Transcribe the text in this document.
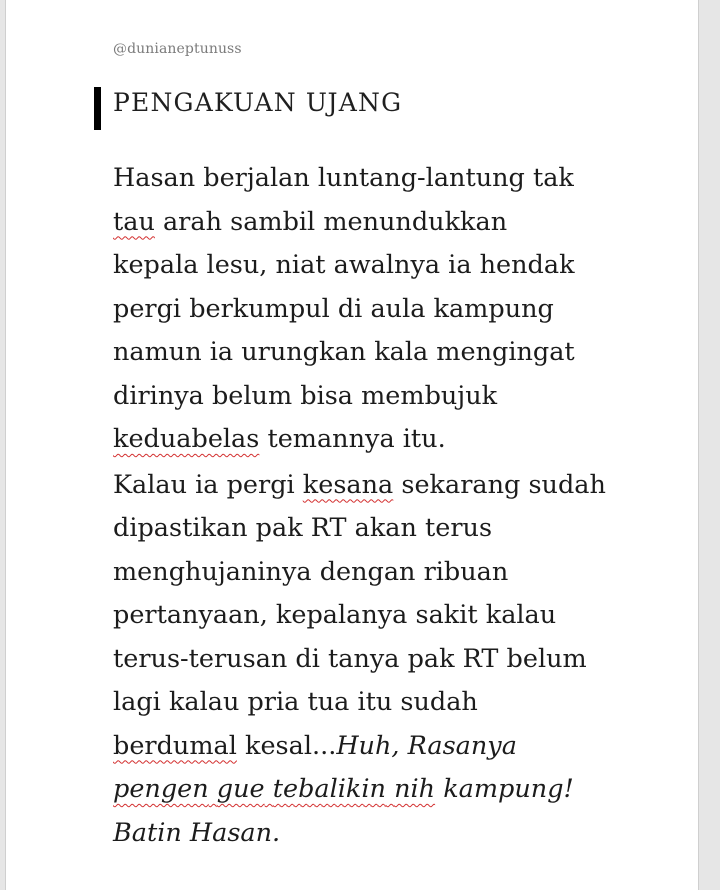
@dunianeptunuss
PENGAKUAN UJANG
Hasan berjalan luntang-lantung tak
tau arah sambil menundukkan
kepala lesu, niat awalnya ia hendak
pergi berkumpul di aula kampung
namun ia urungkan kala mengingat
dirinya belum bisa membujuk
keduabelas temannya itu.
Kalau ia pergi kesana sekarang sudah
dipastikan pak RT akan terus
menghujaninya dengan ribuan
pertanyaan, kepalanya sakit kalau
terus-terusan di tanya pak RT belum
lagi kalau pria tua itu sudah
berdumal kesal...Huh, Rasanya
pengen gue tebalikin nih kampung!
Batin Hasan.
